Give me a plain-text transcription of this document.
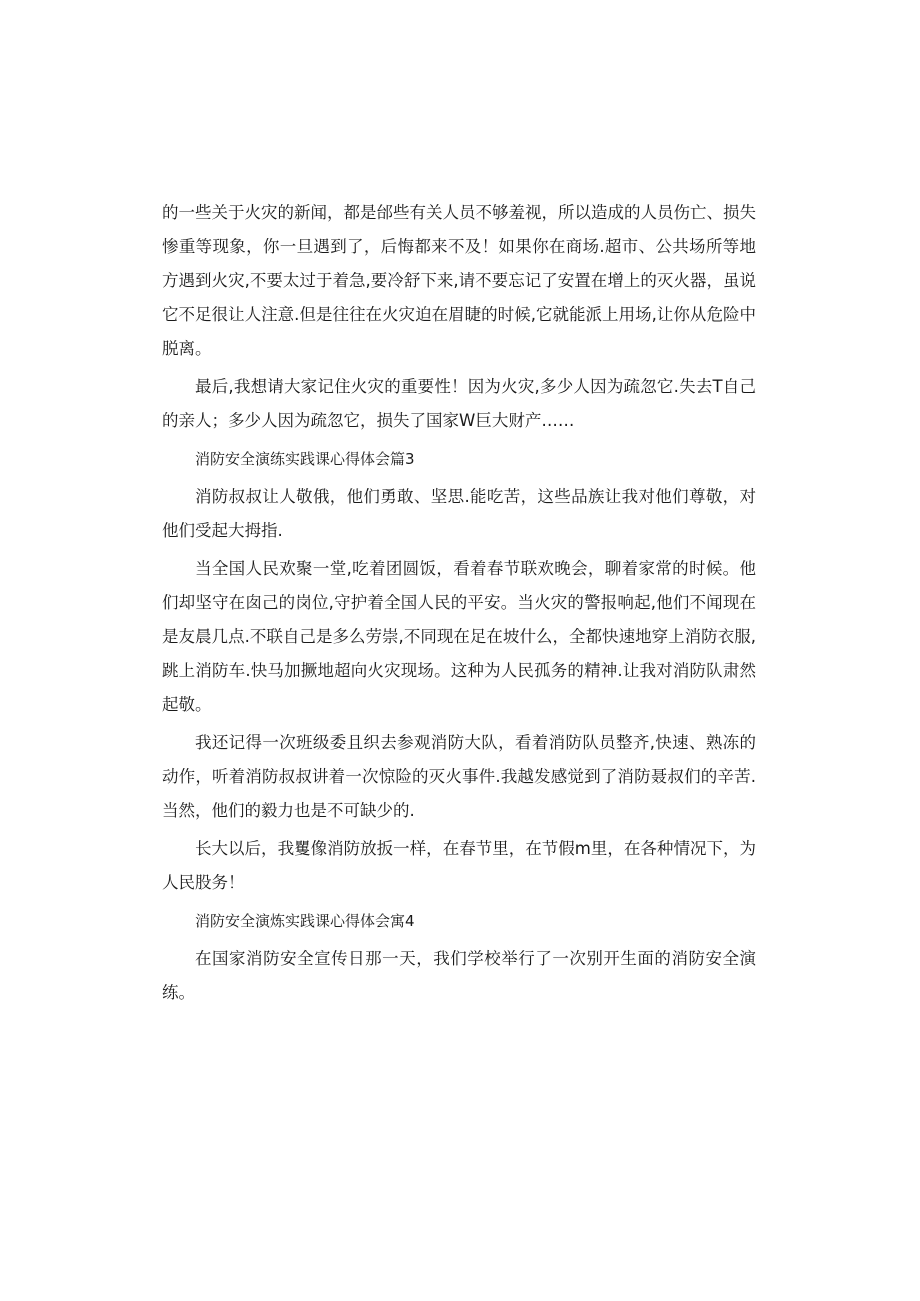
的一些关于火灾的新闻，都是邰些有关人员不够羞视，所以造成的人员伤亡、损失惨重等现象，你一旦遇到了，后悔都来不及！如果你在商场.超市、公共场所等地方遇到火灾,不要太过于着急,要冷舒下来,请不要忘记了安置在增上的灭火器，虽说它不足很让人注意.但是往往在火灾迫在眉睫的时候,它就能派上用场,让你从危险中脱离。

最后,我想请大家记住火灾的重要性！因为火灾,多少人因为疏忽它.失去T自己的亲人；多少人因为疏忽它，损失了国家W巨大财产……

消防安全演练实践课心得体会篇3

消防叔叔让人敬俄，他们勇敢、坚思.能吃苦，这些品族让我对他们尊敬，对他们受起大拇指.

当全国人民欢聚一堂,吃着团圆饭，看着春节联欢晚会，聊着家常的时候。他们却坚守在囱己的岗位,守护着全国人民的平安。当火灾的警报响起,他们不闻现在是友晨几点.不联自己是多么劳崇,不同现在足在坡什么，全都快速地穿上消防衣服,跳上消防车.快马加撅地超向火灾现场。这种为人民孤务的精神.让我对消防队肃然起敬。

我还记得一次班级委且织去参观消防大队，看着消防队员整齐,快速、熟冻的动作，听着消防叔叔讲着一次惊险的灭火事件.我越发感觉到了消防聂叔们的辛苦.当然，他们的毅力也是不可缺少的.

长大以后，我矍像消防放扳一样，在春节里，在节假m里，在各种情况下，为人民股务！

消防安全演炼实践课心得体会寓4

在国家消防安全宣传日那一天，我们学校举行了一次别开生面的消防安全演练。
